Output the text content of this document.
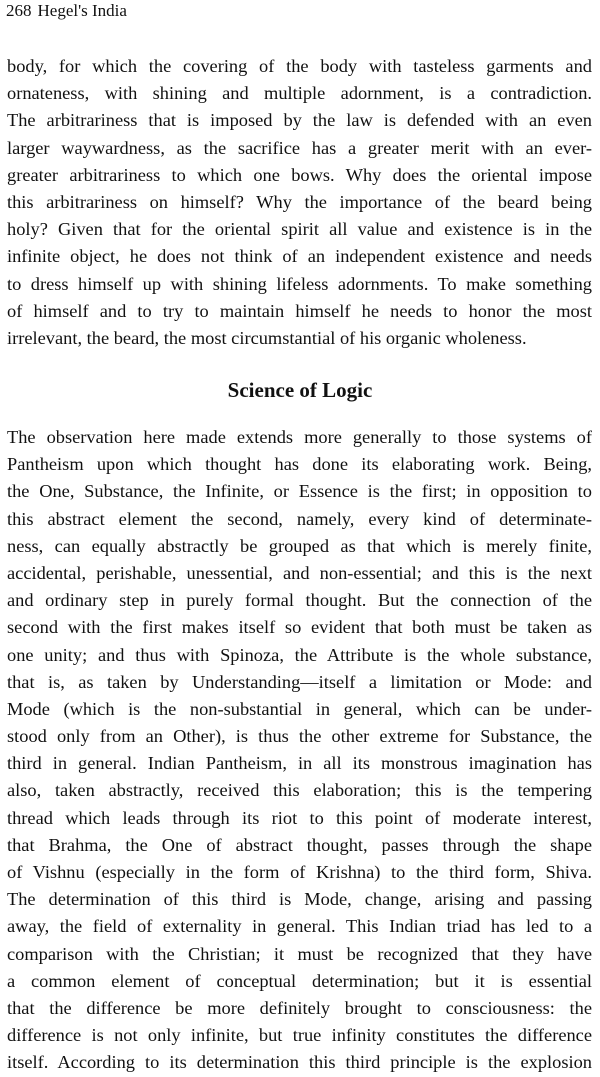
268 Hegel's India
body, for which the covering of the body with tasteless garments and
ornateness, with shining and multiple adornment, is a contradiction.
The arbitrariness that is imposed by the law is defended with an even
larger waywardness, as the sacrifice has a greater merit with an ever-
greater arbitrariness to which one bows. Why does the oriental impose
this arbitrariness on himself? Why the importance of the beard being
holy? Given that for the oriental spirit all value and existence is in the
infinite object, he does not think of an independent existence and needs
to dress himself up with shining lifeless adornments. To make something
of himself and to try to maintain himself he needs to honor the most
irrelevant, the beard, the most circumstantial of his organic wholeness.
Science of Logic
The observation here made extends more generally to those systems of
Pantheism upon which thought has done its elaborating work. Being,
the One, Substance, the Infinite, or Essence is the first; in opposition to
this abstract element the second, namely, every kind of determinate-
ness, can equally abstractly be grouped as that which is merely finite,
accidental, perishable, unessential, and non-essential; and this is the next
and ordinary step in purely formal thought. But the connection of the
second with the first makes itself so evident that both must be taken as
one unity; and thus with Spinoza, the Attribute is the whole substance,
that is, as taken by Understanding—itself a limitation or Mode: and
Mode (which is the non-substantial in general, which can be under-
stood only from an Other), is thus the other extreme for Substance, the
third in general. Indian Pantheism, in all its monstrous imagination has
also, taken abstractly, received this elaboration; this is the tempering
thread which leads through its riot to this point of moderate interest,
that Brahma, the One of abstract thought, passes through the shape
of Vishnu (especially in the form of Krishna) to the third form, Shiva.
The determination of this third is Mode, change, arising and passing
away, the field of externality in general. This Indian triad has led to a
comparison with the Christian; it must be recognized that they have
a common element of conceptual determination; but it is essential
that the difference be more definitely brought to consciousness: the
difference is not only infinite, but true infinity constitutes the difference
itself. According to its determination this third principle is the explosion
